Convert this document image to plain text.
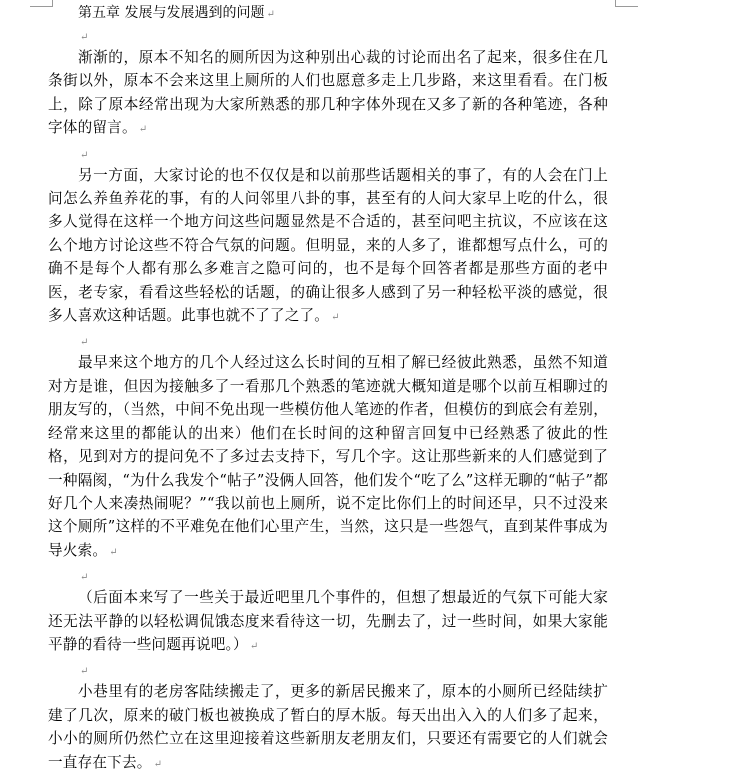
第五章 发展与发展遇到的问题 ↵

↵

渐渐的，原本不知名的厕所因为这种别出心裁的讨论而出名了起来，很多住在几条街以外，原本不会来这里上厕所的人们也愿意多走上几步路，来这里看看。在门板上，除了原本经常出现为大家所熟悉的那几种字体外现在又多了新的各种笔迹，各种字体的留言。 ↵

↵

另一方面，大家讨论的也不仅仅是和以前那些话题相关的事了，有的人会在门上问怎么养鱼养花的事，有的人问邻里八卦的事，甚至有的人问大家早上吃的什么，很多人觉得在这样一个地方问这些问题显然是不合适的，甚至问吧主抗议，不应该在这么个地方讨论这些不符合气氛的问题。但明显，来的人多了，谁都想写点什么，可的确不是每个人都有那么多难言之隐可问的，也不是每个回答者都是那些方面的老中医，老专家，看看这些轻松的话题，的确让很多人感到了另一种轻松平淡的感觉，很多人喜欢这种话题。此事也就不了了之了。 ↵

↵

最早来这个地方的几个人经过这么长时间的互相了解已经彼此熟悉，虽然不知道对方是谁，但因为接触多了一看那几个熟悉的笔迹就大概知道是哪个以前互相聊过的朋友写的，（当然，中间不免出现一些模仿他人笔迹的作者，但模仿的到底会有差别，经常来这里的都能认的出来）他们在长时间的这种留言回复中已经熟悉了彼此的性格，见到对方的提问免不了多过去支持下，写几个字。这让那些新来的人们感觉到了一种隔阂，“为什么我发个“帖子”没俩人回答，他们发个“吃了么”这样无聊的“帖子”都好几个人来凑热闹呢？”“我以前也上厕所，说不定比你们上的时间还早，只不过没来这个厕所”这样的不平难免在他们心里产生，当然，这只是一些怨气，直到某件事成为导火索。 ↵

↵

（后面本来写了一些关于最近吧里几个事件的，但想了想最近的气氛下可能大家还无法平静的以轻松调侃饿态度来看待这一切，先删去了，过一些时间，如果大家能平静的看待一些问题再说吧。） ↵

↵

小巷里有的老房客陆续搬走了，更多的新居民搬来了，原本的小厕所已经陆续扩建了几次，原来的破门板也被换成了暂白的厚木版。每天出出入入的人们多了起来，小小的厕所仍然伫立在这里迎接着这些新朋友老朋友们，只要还有需要它的人们就会一直存在下去。 ↵
